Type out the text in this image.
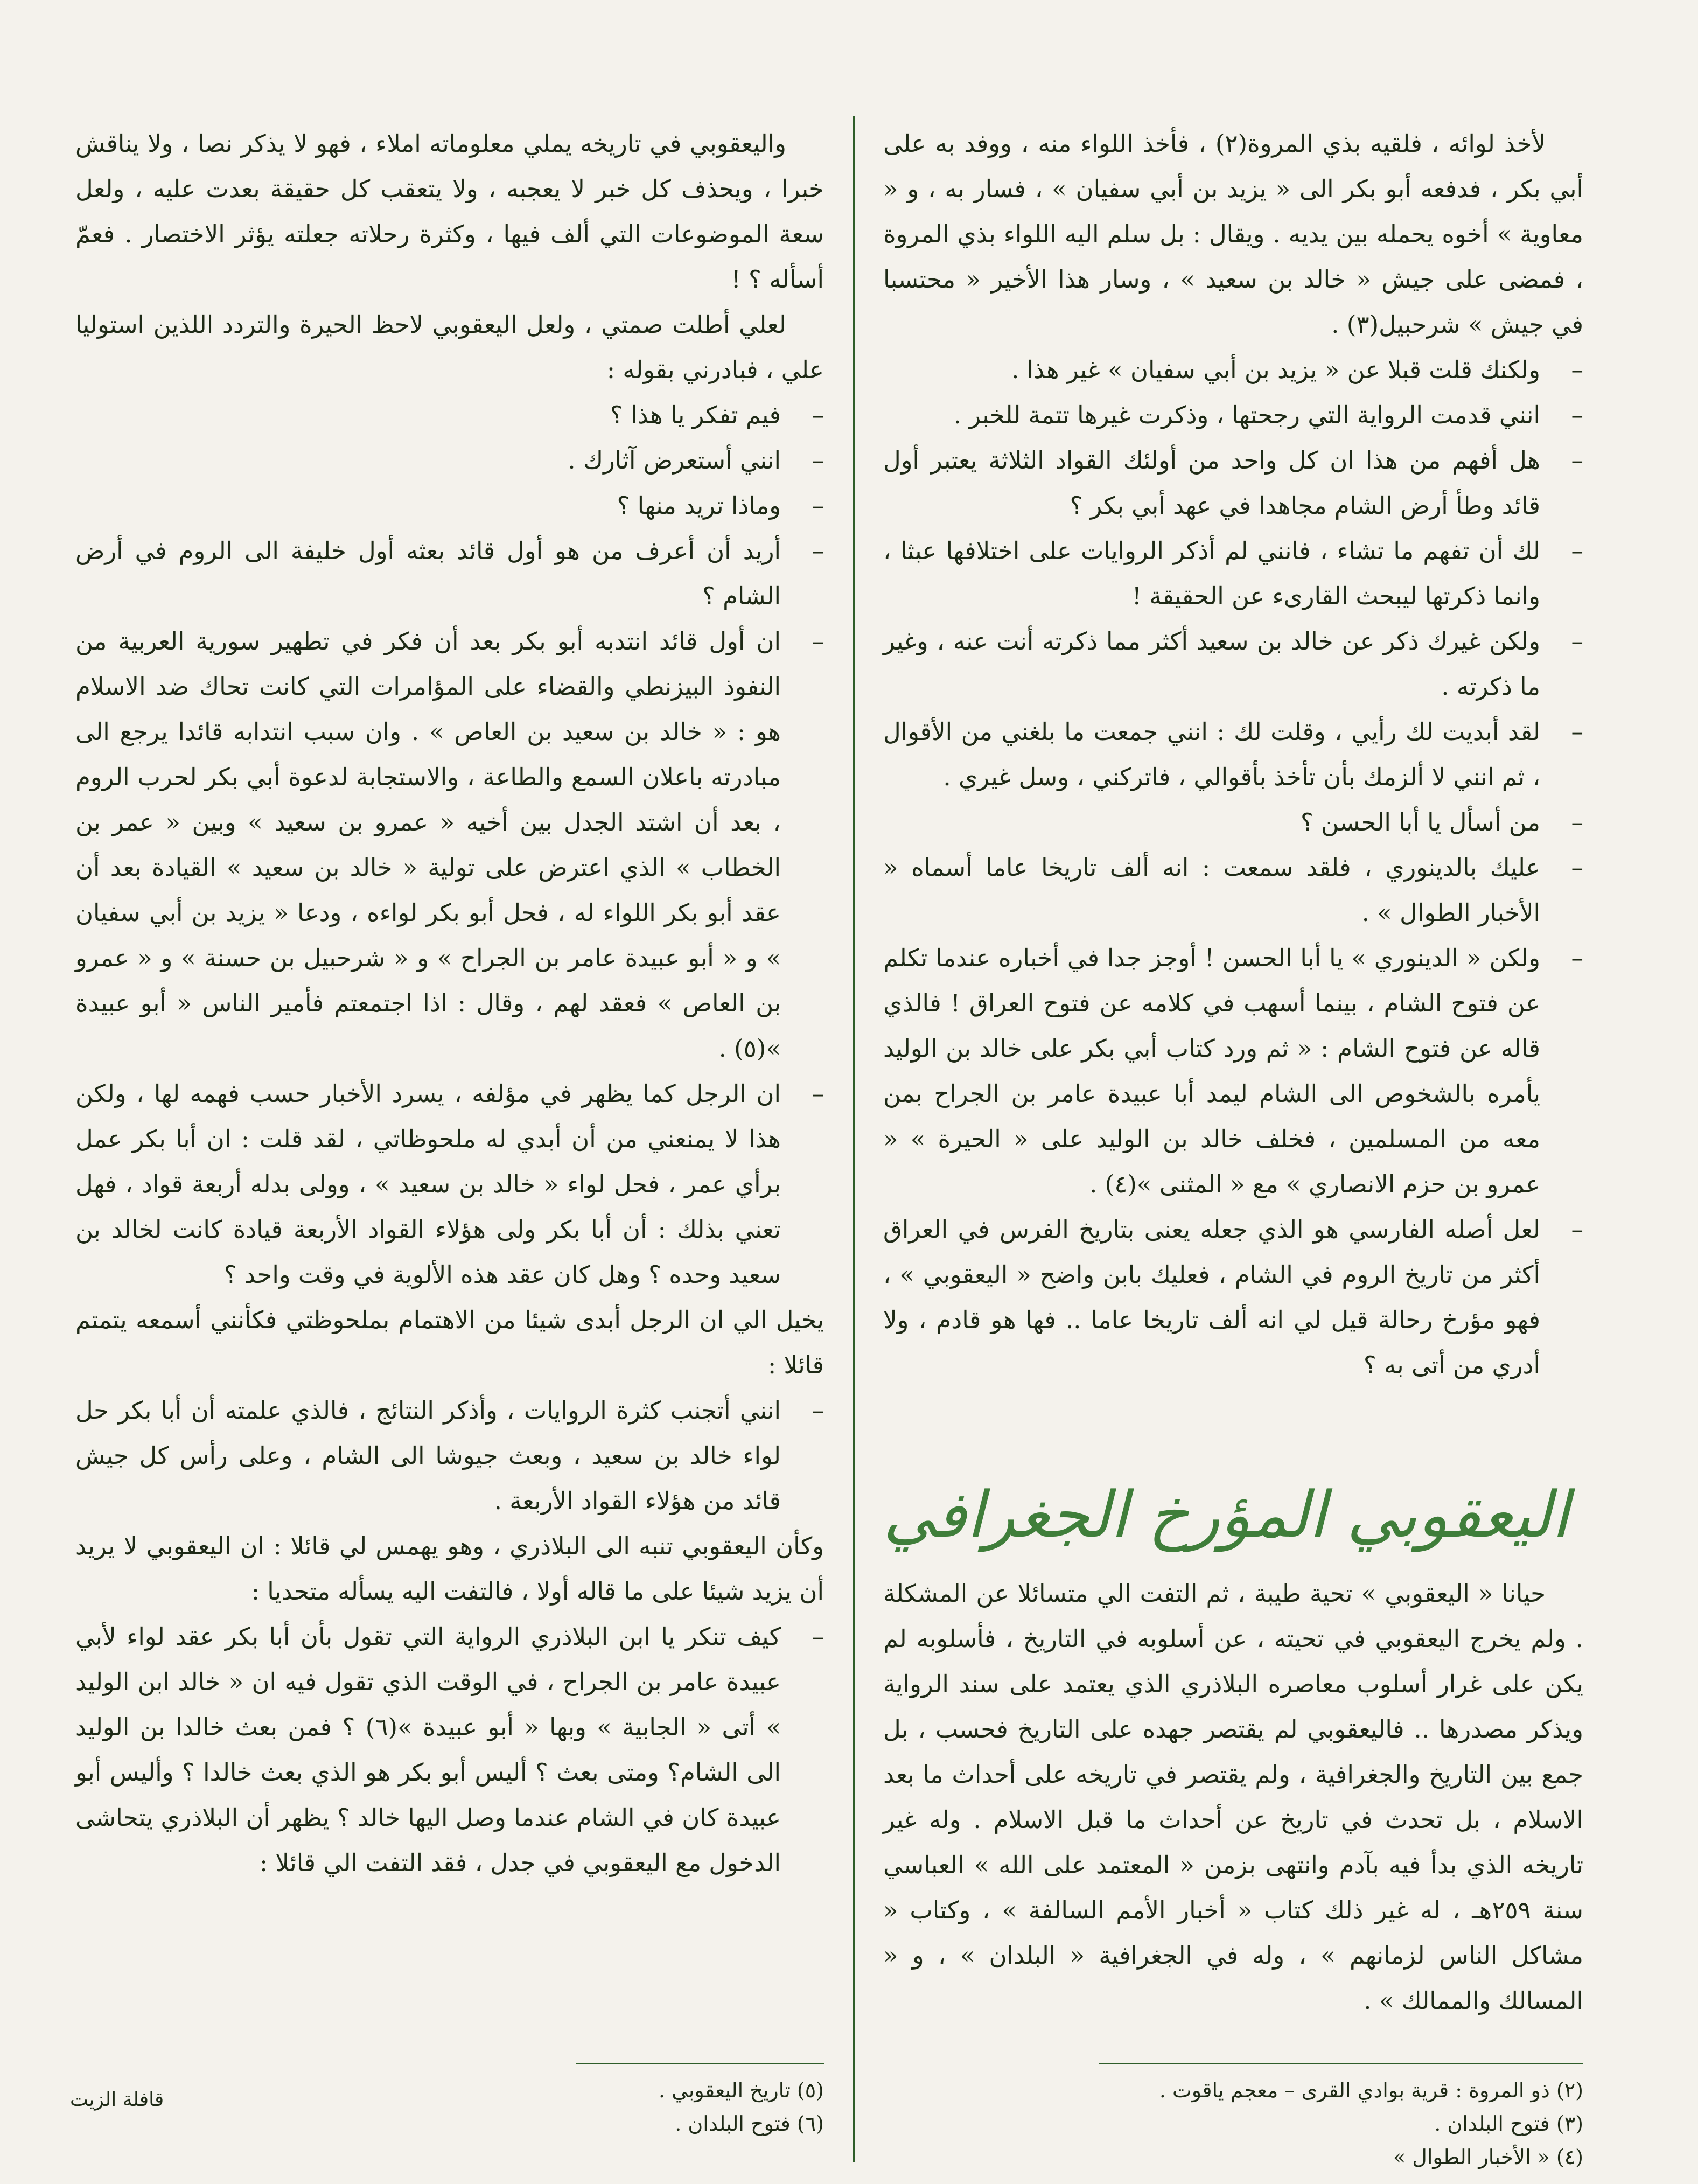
لأخذ لوائه ، فلقيه بذي المروة(٢) ، فأخذ اللواء منه ، ووفد به على أبي بكر ، فدفعه أبو بكر الى « يزيد بن أبي سفيان » ، فسار به ، و « معاوية » أخوه يحمله بين يديه . ويقال : بل سلم اليه اللواء بذي المروة ، فمضى على جيش « خالد بن سعيد » ، وسار هذا الأخير « محتسبا في جيش » شرحبيل(٣) .

– ولكنك قلت قبلا عن « يزيد بن أبي سفيان » غير هذا .

– انني قدمت الرواية التي رجحتها ، وذكرت غيرها تتمة للخبر .

– هل أفهم من هذا ان كل واحد من أولئك القواد الثلاثة يعتبر أول قائد وطأ أرض الشام مجاهدا في عهد أبي بكر ؟

– لك أن تفهم ما تشاء ، فانني لم أذكر الروايات على اختلافها عبثا ، وانما ذكرتها ليبحث القارىء عن الحقيقة !

– ولكن غيرك ذكر عن خالد بن سعيد أكثر مما ذكرته أنت عنه ، وغير ما ذكرته .

– لقد أبديت لك رأيي ، وقلت لك : انني جمعت ما بلغني من الأقوال ، ثم انني لا ألزمك بأن تأخذ بأقوالي ، فاتركني ، وسل غيري .

– من أسأل يا أبا الحسن ؟

– عليك بالدينوري ، فلقد سمعت : انه ألف تاريخا عاما أسماه « الأخبار الطوال » .

– ولكن « الدينوري » يا أبا الحسن ! أوجز جدا في أخباره عندما تكلم عن فتوح الشام ، بينما أسهب في كلامه عن فتوح العراق ! فالذي قاله عن فتوح الشام : « ثم ورد كتاب أبي بكر على خالد بن الوليد يأمره بالشخوص الى الشام ليمد أبا عبيدة عامر بن الجراح بمن معه من المسلمين ، فخلف خالد بن الوليد على « الحيرة » « عمرو بن حزم الانصاري » مع « المثنى »(٤) .

– لعل أصله الفارسي هو الذي جعله يعنى بتاريخ الفرس في العراق أكثر من تاريخ الروم في الشام ، فعليك بابن واضح « اليعقوبي » ، فهو مؤرخ رحالة قيل لي انه ألف تاريخا عاما .. فها هو قادم ، ولا أدري من أتى به ؟

اليعقوبي المؤرخ الجغرافي

حيانا « اليعقوبي » تحية طيبة ، ثم التفت الي متسائلا عن المشكلة . ولم يخرج اليعقوبي في تحيته ، عن أسلوبه في التاريخ ، فأسلوبه لم يكن على غرار أسلوب معاصره البلاذري الذي يعتمد على سند الرواية ويذكر مصدرها .. فاليعقوبي لم يقتصر جهده على التاريخ فحسب ، بل جمع بين التاريخ والجغرافية ، ولم يقتصر في تاريخه على أحداث ما بعد الاسلام ، بل تحدث في تاريخ عن أحداث ما قبل الاسلام . وله غير تاريخه الذي بدأ فيه بآدم وانتهى بزمن « المعتمد على الله » العباسي سنة ٢٥٩هـ ، له غير ذلك كتاب « أخبار الأمم السالفة » ، وكتاب « مشاكل الناس لزمانهم » ، وله في الجغرافية « البلدان » ، و « المسالك والممالك » .

واليعقوبي في تاريخه يملي معلوماته املاء ، فهو لا يذكر نصا ، ولا يناقش خبرا ، ويحذف كل خبر لا يعجبه ، ولا يتعقب كل حقيقة بعدت عليه ، ولعل سعة الموضوعات التي ألف فيها ، وكثرة رحلاته جعلته يؤثر الاختصار . فعمّ أسأله ؟ !

لعلي أطلت صمتي ، ولعل اليعقوبي لاحظ الحيرة والتردد اللذين استوليا علي ، فبادرني بقوله :

– فيم تفكر يا هذا ؟

– انني أستعرض آثارك .

– وماذا تريد منها ؟

– أريد أن أعرف من هو أول قائد بعثه أول خليفة الى الروم في أرض الشام ؟

– ان أول قائد انتدبه أبو بكر بعد أن فكر في تطهير سورية العربية من النفوذ البيزنطي والقضاء على المؤامرات التي كانت تحاك ضد الاسلام هو : « خالد بن سعيد بن العاص » . وان سبب انتدابه قائدا يرجع الى مبادرته باعلان السمع والطاعة ، والاستجابة لدعوة أبي بكر لحرب الروم ، بعد أن اشتد الجدل بين أخيه « عمرو بن سعيد » وبين « عمر بن الخطاب » الذي اعترض على تولية « خالد بن سعيد » القيادة بعد أن عقد أبو بكر اللواء له ، فحل أبو بكر لواءه ، ودعا « يزيد بن أبي سفيان » و « أبو عبيدة عامر بن الجراح » و « شرحبيل بن حسنة » و « عمرو بن العاص » فعقد لهم ، وقال : اذا اجتمعتم فأمير الناس « أبو عبيدة »(٥) .

– ان الرجل كما يظهر في مؤلفه ، يسرد الأخبار حسب فهمه لها ، ولكن هذا لا يمنعني من أن أبدي له ملحوظاتي ، لقد قلت : ان أبا بكر عمل برأي عمر ، فحل لواء « خالد بن سعيد » ، وولى بدله أربعة قواد ، فهل تعني بذلك : أن أبا بكر ولى هؤلاء القواد الأربعة قيادة كانت لخالد بن سعيد وحده ؟ وهل كان عقد هذه الألوية في وقت واحد ؟

يخيل الي ان الرجل أبدى شيئا من الاهتمام بملحوظتي فكأنني أسمعه يتمتم قائلا :

– انني أتجنب كثرة الروايات ، وأذكر النتائج ، فالذي علمته أن أبا بكر حل لواء خالد بن سعيد ، وبعث جيوشا الى الشام ، وعلى رأس كل جيش قائد من هؤلاء القواد الأربعة .

وكأن اليعقوبي تنبه الى البلاذري ، وهو يهمس لي قائلا : ان اليعقوبي لا يريد أن يزيد شيئا على ما قاله أولا ، فالتفت اليه يسأله متحديا :

– كيف تنكر يا ابن البلاذري الرواية التي تقول بأن أبا بكر عقد لواء لأبي عبيدة عامر بن الجراح ، في الوقت الذي تقول فيه ان « خالد ابن الوليد » أتى « الجابية » وبها « أبو عبيدة »(٦) ؟ فمن بعث خالدا بن الوليد الى الشام؟ ومتى بعث ؟ أليس أبو بكر هو الذي بعث خالدا ؟ وأليس أبو عبيدة كان في الشام عندما وصل اليها خالد ؟ يظهر أن البلاذري يتحاشى الدخول مع اليعقوبي في جدل ، فقد التفت الي قائلا :

(٢) ذو المروة : قرية بوادي القرى – معجم ياقوت .

(٣) فتوح البلدان .

(٤) « الأخبار الطوال »

(٥) تاريخ اليعقوبي .

(٦) فتوح البلدان .

قافلة الزيت
